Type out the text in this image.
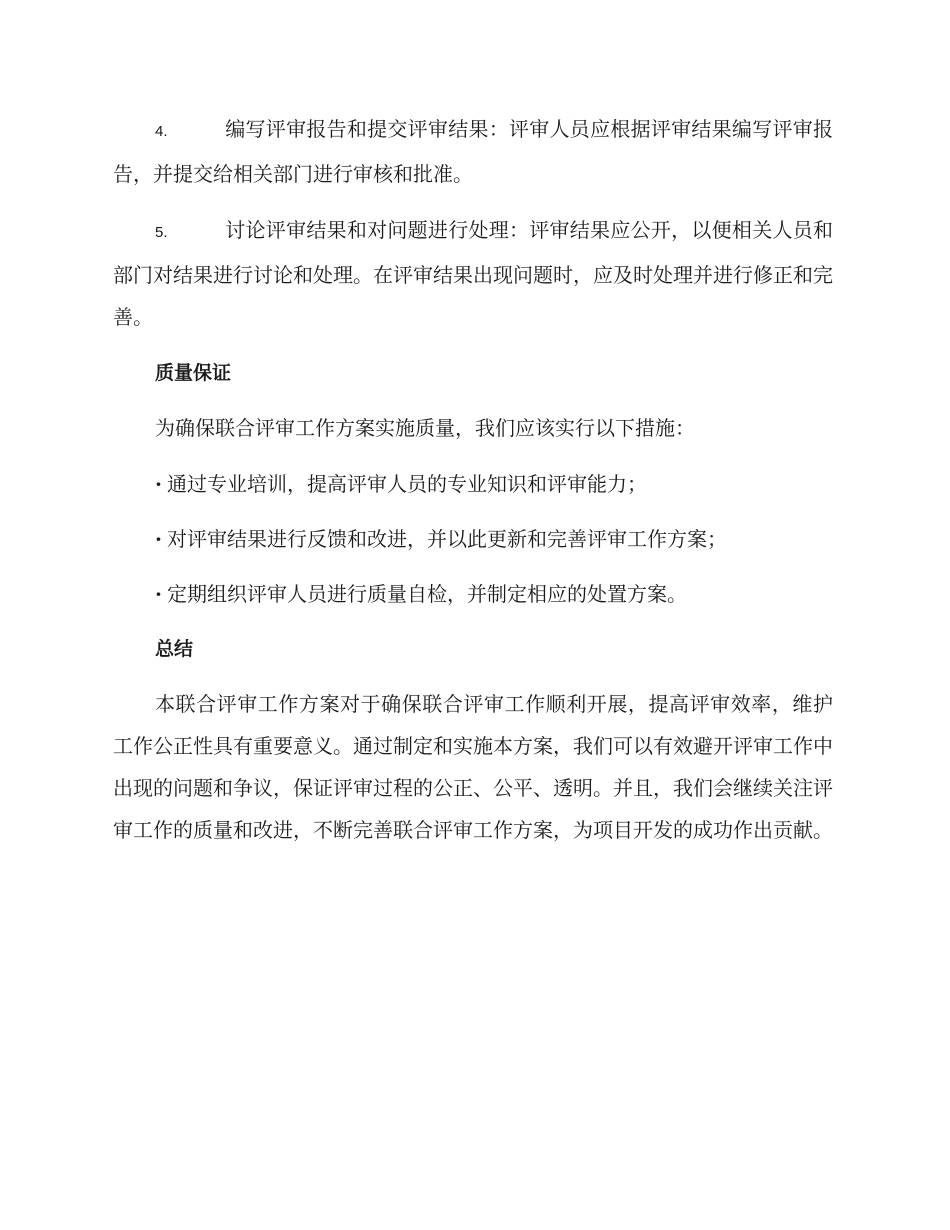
4.	编写评审报告和提交评审结果：评审人员应根据评审结果编写评审报告，并提交给相关部门进行审核和批准。

5.	讨论评审结果和对问题进行处理：评审结果应公开，以便相关人员和部门对结果进行讨论和处理。在评审结果出现问题时，应及时处理并进行修正和完善。

质量保证

为确保联合评审工作方案实施质量，我们应该实行以下措施：

· 通过专业培训，提高评审人员的专业知识和评审能力；
· 对评审结果进行反馈和改进，并以此更新和完善评审工作方案；
· 定期组织评审人员进行质量自检，并制定相应的处置方案。
总结

本联合评审工作方案对于确保联合评审工作顺利开展，提高评审效率，维护工作公正性具有重要意义。通过制定和实施本方案，我们可以有效避开评审工作中出现的问题和争议，保证评审过程的公正、公平、透明。并且，我们会继续关注评审工作的质量和改进，不断完善联合评审工作方案，为项目开发的成功作出贡献。
